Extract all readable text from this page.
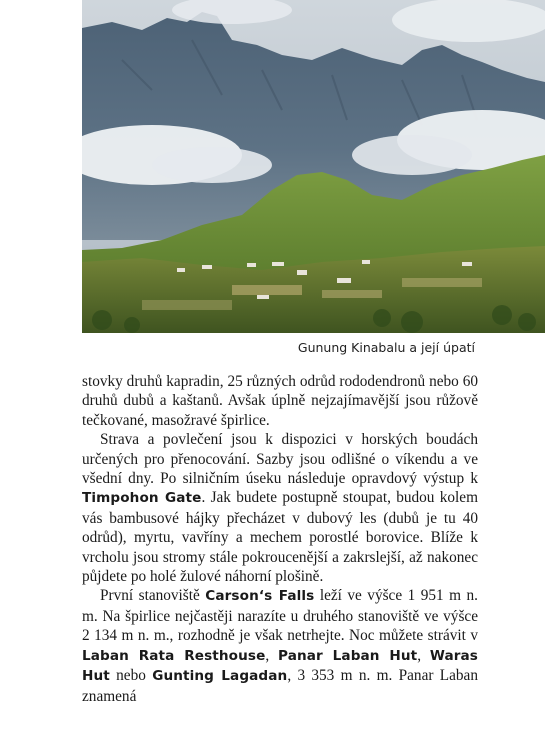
Gunung Kinabalu a její úpatí

stovky druhů kapradin, 25 různých odrůd rododendronů nebo 60 druhů dubů a kaštanů. Avšak úplně nejzajímavější jsou růžově tečkované, masožravé špirlice.

Strava a povlečení jsou k dispozici v horských boudách určených pro přenocování. Sazby jsou odlišné o víkendu a ve všední dny. Po silničním úseku následuje opravdový výstup k Timpohon Gate. Jak budete postupně stoupat, budou kolem vás bambusové hájky přecházet v dubový les (dubů je tu 40 odrůd), myrtu, vavříny a mechem porostlé borovice. Blíže k vrcholu jsou stromy stále pokroucenější a zakrslejší, až nakonec půjdete po holé žulové náhorní plošině.

První stanoviště Carson‘s Falls leží ve výšce 1 951 m n. m. Na špirlice nejčastěji narazíte u druhého stanoviště ve výšce 2 134 m n. m., rozhodně je však netrhejte. Noc můžete strávit v Laban Rata Resthouse, Panar Laban Hut, Waras Hut nebo Gunting Lagadan, 3 353 m n. m. Panar Laban znamená
